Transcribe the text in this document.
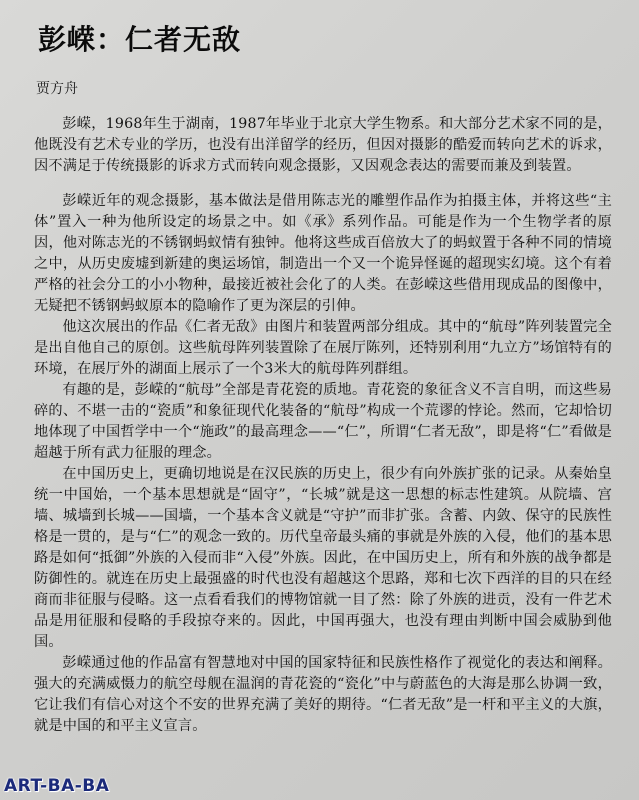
彭嵘：仁者无敌
贾方舟

彭嵘，1968年生于湖南，1987年毕业于北京大学生物系。和大部分艺术家不同的是，他既没有艺术专业的学历，也没有出洋留学的经历，但因对摄影的酷爱而转向艺术的诉求，因不满足于传统摄影的诉求方式而转向观念摄影，又因观念表达的需要而兼及到装置。

彭嵘近年的观念摄影，基本做法是借用陈志光的雕塑作品作为拍摄主体，并将这些“主体”置入一种为他所设定的场景之中。如《承》系列作品。可能是作为一个生物学者的原因，他对陈志光的不锈钢蚂蚁情有独钟。他将这些成百倍放大了的蚂蚁置于各种不同的情境之中，从历史废墟到新建的奥运场馆，制造出一个又一个诡异怪诞的超现实幻境。这个有着严格的社会分工的小小物种，最接近被社会化了的人类。在彭嵘这些借用现成品的图像中，无疑把不锈钢蚂蚁原本的隐喻作了更为深层的引伸。

他这次展出的作品《仁者无敌》由图片和装置两部分组成。其中的“航母”阵列装置完全是出自他自己的原创。这些航母阵列装置除了在展厅陈列，还特别利用“九立方”场馆特有的环境，在展厅外的湖面上展示了一个3米大的航母阵列群组。

有趣的是，彭嵘的“航母”全部是青花瓷的质地。青花瓷的象征含义不言自明，而这些易碎的、不堪一击的“瓷质”和象征现代化装备的“航母”构成一个荒谬的悖论。然而，它却恰切地体现了中国哲学中一个“施政”的最高理念——“仁”，所谓“仁者无敌”，即是将“仁”看做是超越于所有武力征服的理念。

在中国历史上，更确切地说是在汉民族的历史上，很少有向外族扩张的记录。从秦始皇统一中国始，一个基本思想就是“固守”，“长城”就是这一思想的标志性建筑。从院墙、宫墙、城墙到长城——国墙，一个基本含义就是“守护”而非扩张。含蓄、内敛、保守的民族性格是一贯的，是与“仁”的观念一致的。历代皇帝最头痛的事就是外族的入侵，他们的基本思路是如何“抵御”外族的入侵而非“入侵”外族。因此，在中国历史上，所有和外族的战争都是防御性的。就连在历史上最强盛的时代也没有超越这个思路，郑和七次下西洋的目的只在经商而非征服与侵略。这一点看看我们的博物馆就一目了然：除了外族的进贡，没有一件艺术品是用征服和侵略的手段掠夺来的。因此，中国再强大，也没有理由判断中国会威胁到他国。

彭嵘通过他的作品富有智慧地对中国的国家特征和民族性格作了视觉化的表达和阐释。强大的充满威慑力的航空母舰在温润的青花瓷的“瓷化”中与蔚蓝色的大海是那么协调一致，它让我们有信心对这个不安的世界充满了美好的期待。“仁者无敌”是一杆和平主义的大旗，就是中国的和平主义宣言。

ART-BA-BA
